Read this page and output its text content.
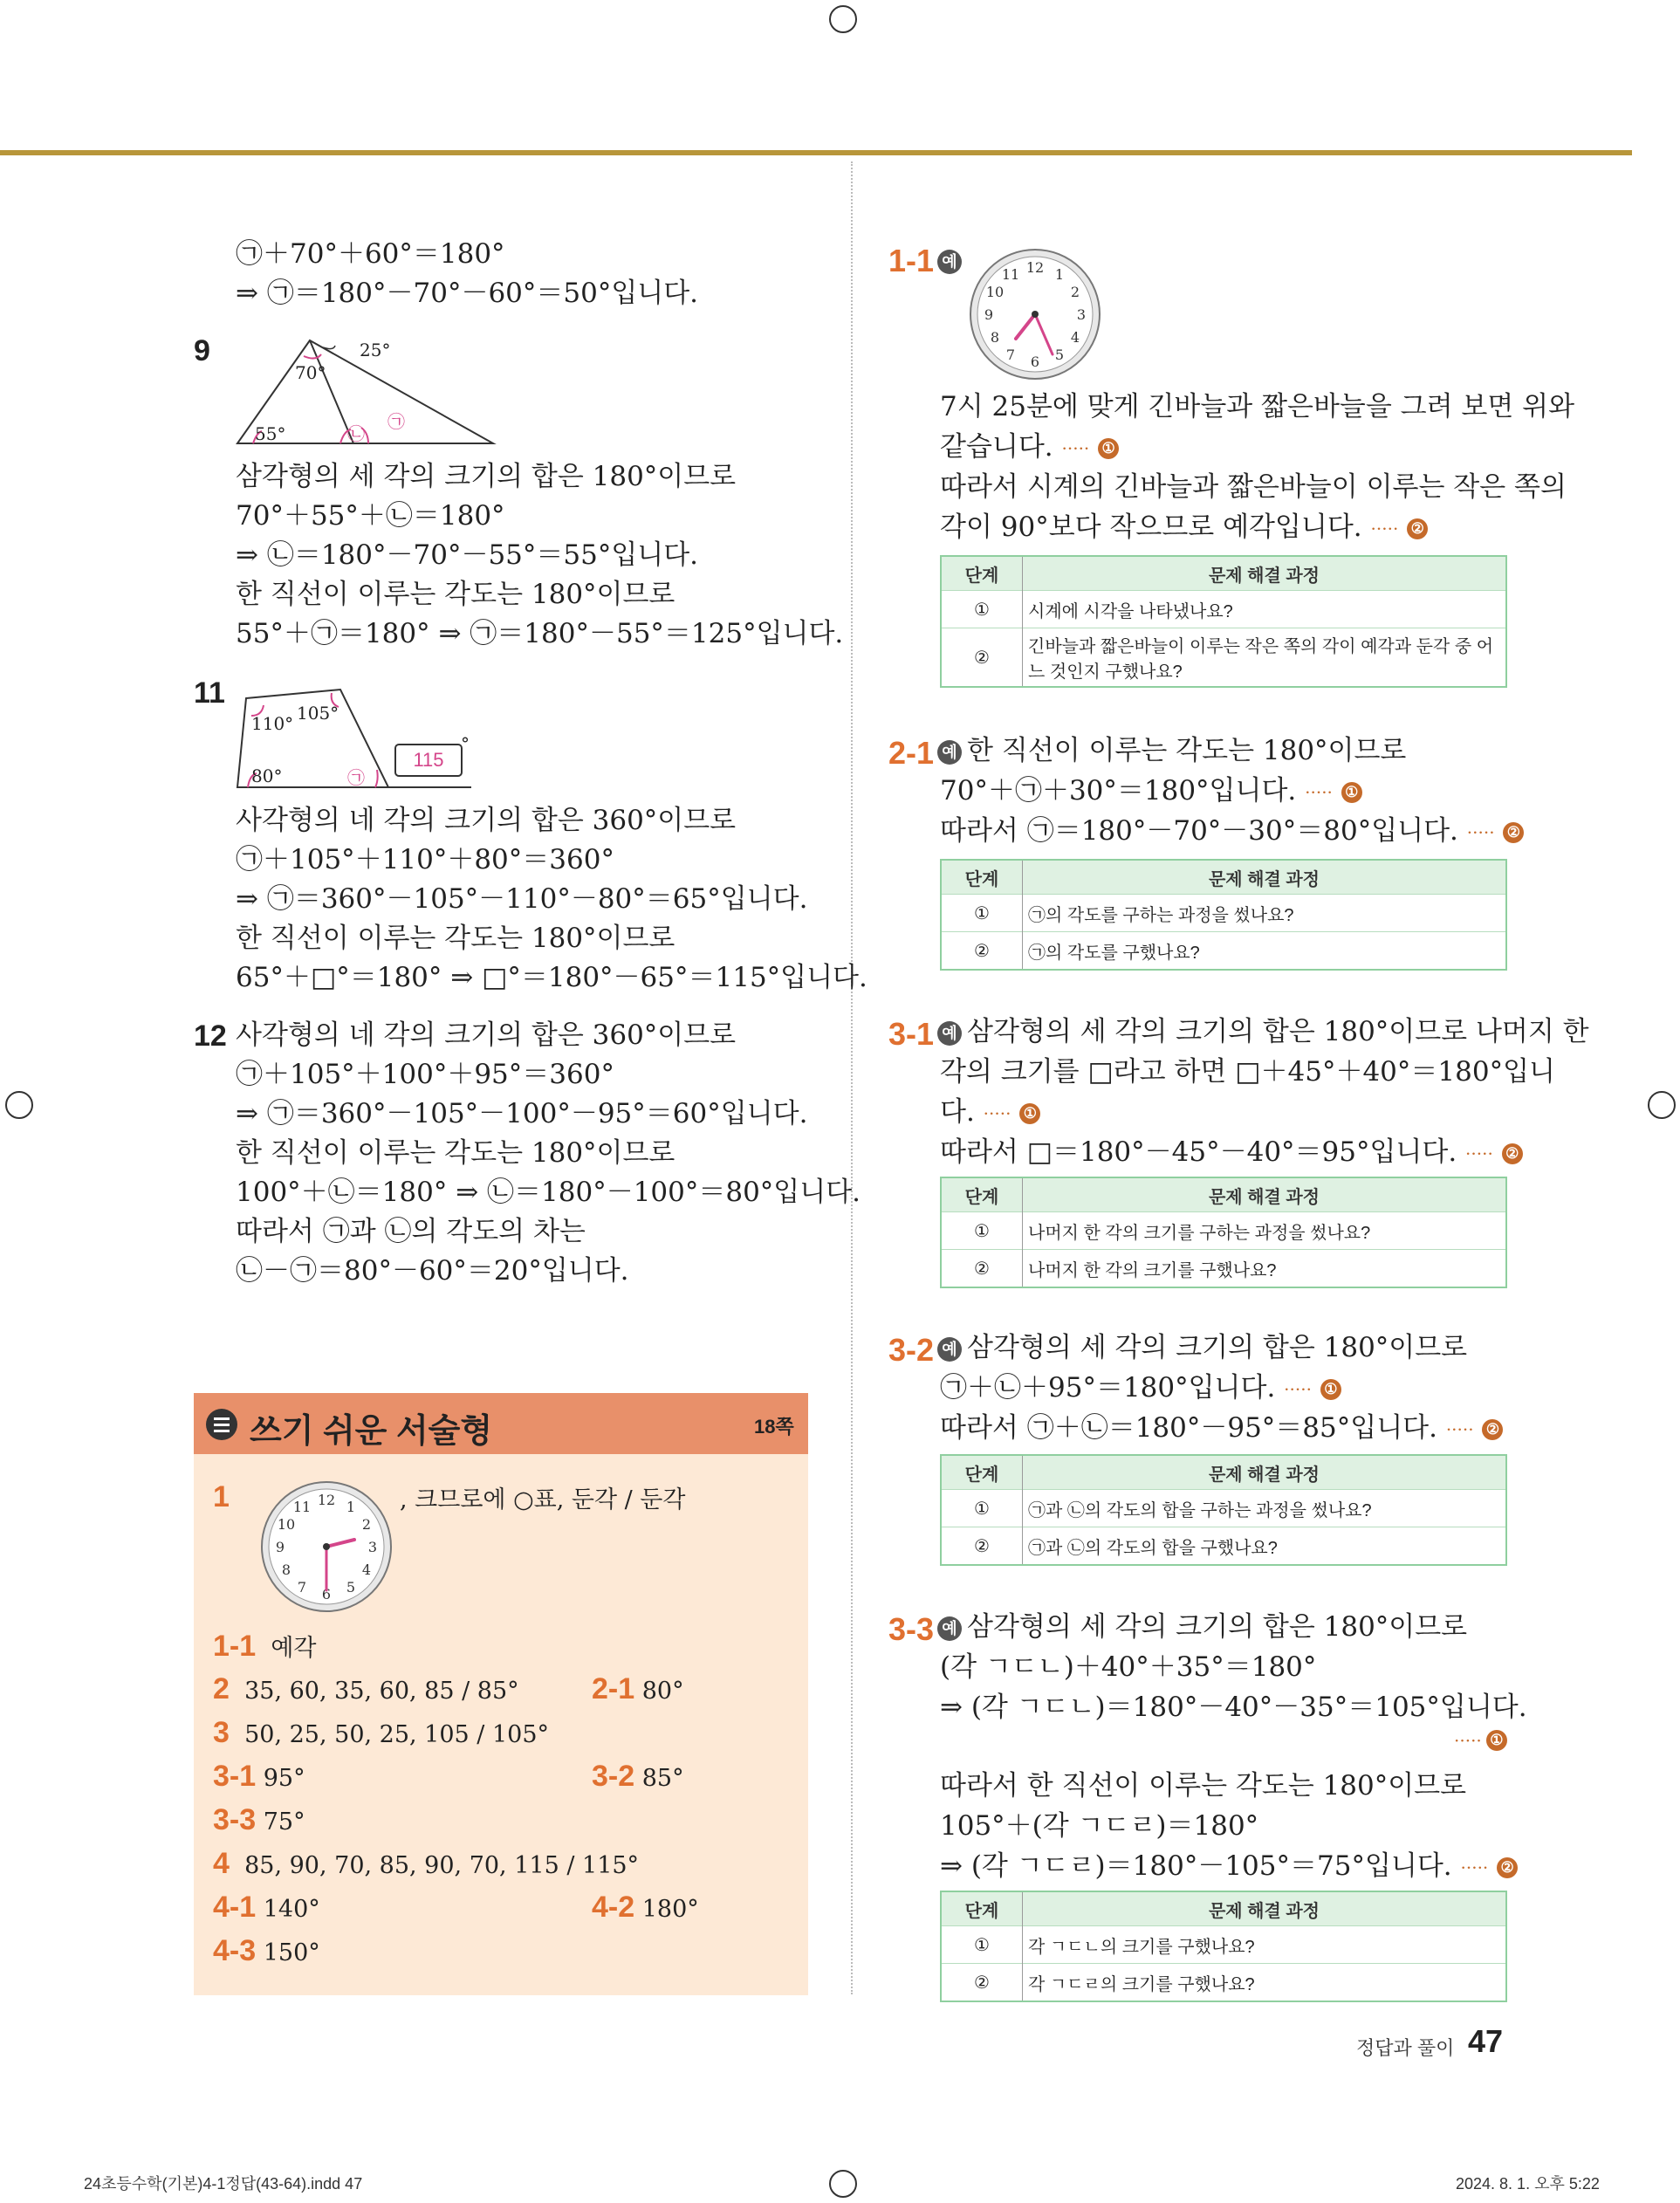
㉠＋70°＋60°＝180°
⇒ ㉠＝180°－70°－60°＝50°입니다.
9	25°
70°
55°	㉡
㉠
삼각형의 세 각의 크기의 합은 180°이므로
70°＋55°＋㉡＝180°
⇒ ㉡＝180°－70°－55°＝55°입니다.
한 직선이 이루는 각도는 180°이므로
55°＋㉠＝180° ⇒ ㉠＝180°－55°＝125°입니다.
11
110° 105°
80°	㉠
115
°
사각형의 네 각의 크기의 합은 360°이므로
㉠＋105°＋110°＋80°＝360°
⇒ ㉠＝360°－105°－110°－80°＝65°입니다.
한 직선이 이루는 각도는 180°이므로
65°＋□°＝180° ⇒ □°＝180°－65°＝115°입니다.
12 사각형의 네 각의 크기의 합은 360°이므로
㉠＋105°＋100°＋95°＝360°
⇒ ㉠＝360°－105°－100°－95°＝60°입니다.
한 직선이 이루는 각도는 180°이므로
100°＋㉡＝180° ⇒ ㉡＝180°－100°＝80°입니다.
따라서 ㉠과 ㉡의 각도의 차는
㉡－㉠＝80°－60°＝20°입니다.
쓰기 쉬운 서술형	18쪽
1	12 1
2
3
4
5
6
7
8
9
10
11	, 크므로에 ○표, 둔각 / 둔각
1-1 예각
2 35, 60, 35, 60, 85 / 85° 2-1 80°
3 50, 25, 50, 25, 105 / 105°
3-1 95°	3-2 85°
3-3 75°
4 85, 90, 70, 85, 90, 70, 115 / 115°
4-1 140°	4-2 180°
4-3 150°
1-1 예	12 1
2
3
4
5
6
7
8
9
10
11
7시 25분에 맞게 긴바늘과 짧은바늘을 그려 보면 위와
같습니다. ····· ①
따라서 시계의 긴바늘과 짧은바늘이 이루는 작은 쪽의
각이 90°보다 작으므로 예각입니다. ····· ②
단계	문제 해결 과정
①	시계에 시각을 나타냈나요?
②	긴바늘과 짧은바늘이 이루는 작은 쪽의 각이 예각과 둔각 중 어느 것인지 구했나요?
2-1 예 한 직선이 이루는 각도는 180°이므로
70°＋㉠＋30°＝180°입니다. ····· ①
따라서 ㉠＝180°－70°－30°＝80°입니다. ····· ②
단계	문제 해결 과정
①	㉠의 각도를 구하는 과정을 썼나요?
②	㉠의 각도를 구했나요?
3-1 예 삼각형의 세 각의 크기의 합은 180°이므로 나머지 한
각의 크기를 □라고 하면 □＋45°＋40°＝180°입니
다. ····· ①
따라서 □＝180°－45°－40°＝95°입니다. ····· ②
단계	문제 해결 과정
①	나머지 한 각의 크기를 구하는 과정을 썼나요?
②	나머지 한 각의 크기를 구했나요?
3-2 예 삼각형의 세 각의 크기의 합은 180°이므로
㉠＋㉡＋95°＝180°입니다. ····· ①
따라서 ㉠＋㉡＝180°－95°＝85°입니다. ····· ②
단계	문제 해결 과정
①	㉠과 ㉡의 각도의 합을 구하는 과정을 썼나요?
②	㉠과 ㉡의 각도의 합을 구했나요?
3-3 예 삼각형의 세 각의 크기의 합은 180°이므로
(각 ㄱㄷㄴ)＋40°＋35°＝180°
⇒ (각 ㄱㄷㄴ)＝180°－40°－35°＝105°입니다.
····· ①
따라서 한 직선이 이루는 각도는 180°이므로
105°＋(각 ㄱㄷㄹ)＝180°
⇒ (각 ㄱㄷㄹ)＝180°－105°＝75°입니다. ····· ②
단계	문제 해결 과정
①	각 ㄱㄷㄴ의 크기를 구했나요?
②	각 ㄱㄷㄹ의 크기를 구했나요?
정답과 풀이 47
24초등수학(기본)4-1정답(43-64).indd 47	2024. 8. 1. 오후 5:22
